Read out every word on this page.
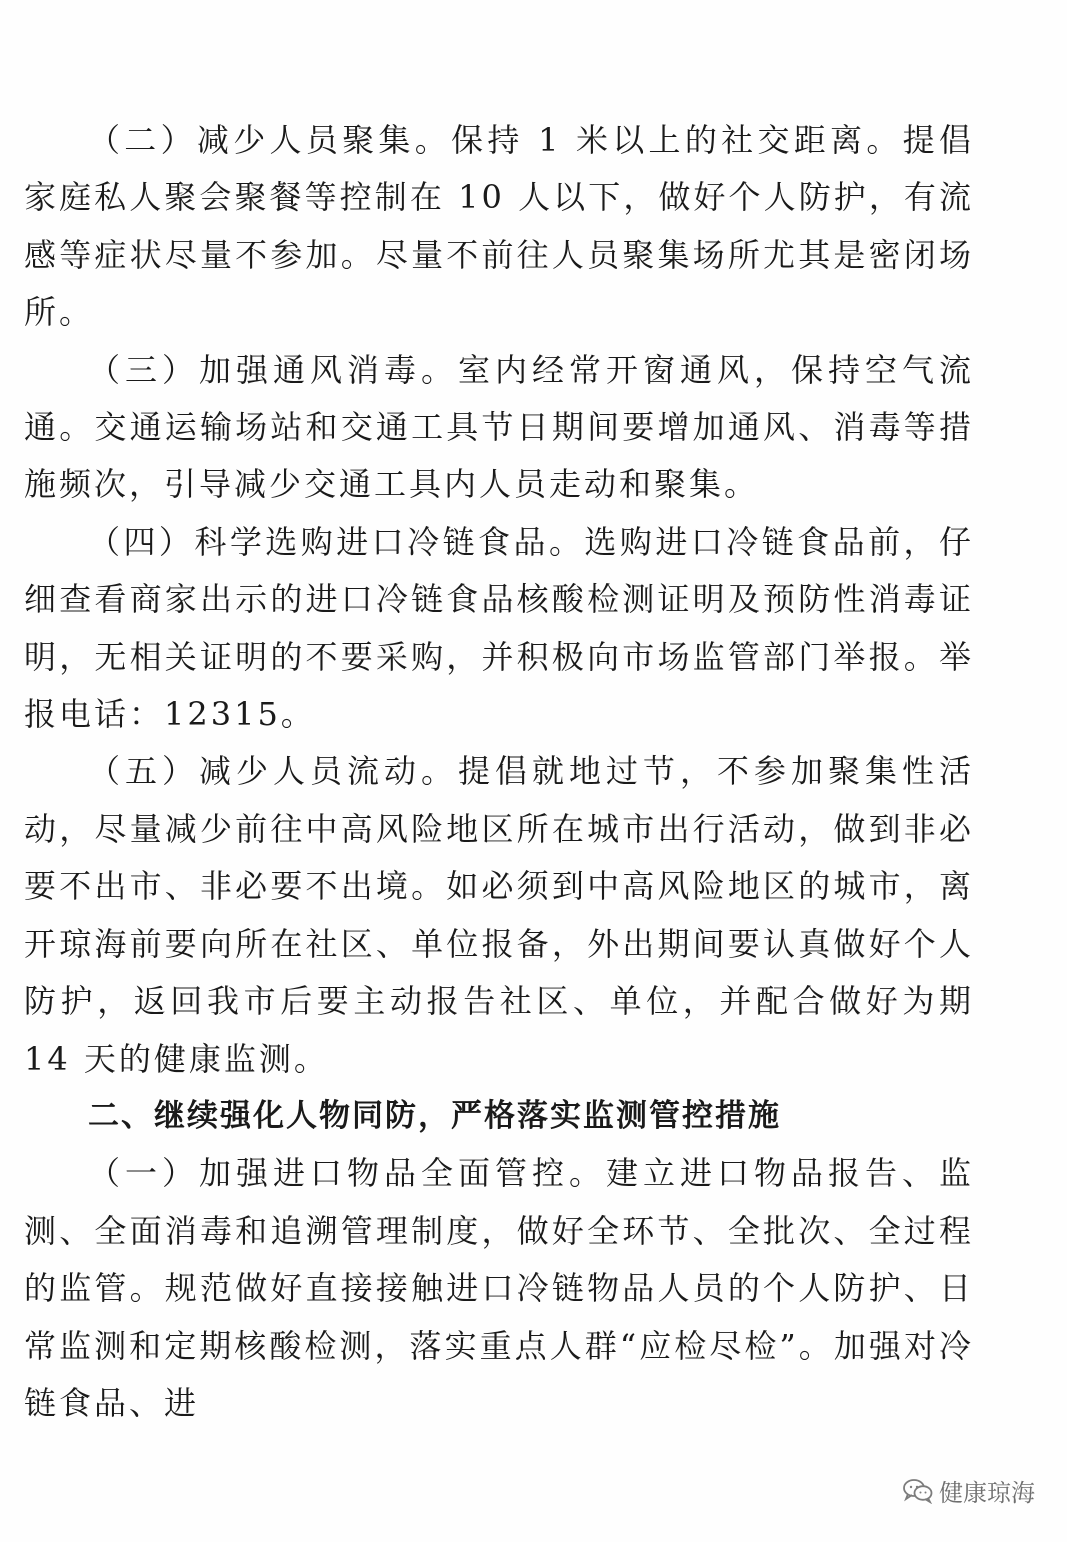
（二）减少人员聚集。保持 1 米以上的社交距离。提倡家庭私人聚会聚餐等控制在 10 人以下，做好个人防护，有流感等症状尽量不参加。尽量不前往人员聚集场所尤其是密闭场所。

（三）加强通风消毒。室内经常开窗通风，保持空气流通。交通运输场站和交通工具节日期间要增加通风、消毒等措施频次，引导减少交通工具内人员走动和聚集。

（四）科学选购进口冷链食品。选购进口冷链食品前，仔细查看商家出示的进口冷链食品核酸检测证明及预防性消毒证明，无相关证明的不要采购，并积极向市场监管部门举报。举报电话：12315。

（五）减少人员流动。提倡就地过节，不参加聚集性活动，尽量减少前往中高风险地区所在城市出行活动，做到非必要不出市、非必要不出境。如必须到中高风险地区的城市，离开琼海前要向所在社区、单位报备，外出期间要认真做好个人防护，返回我市后要主动报告社区、单位，并配合做好为期 14 天的健康监测。

二、继续强化人物同防，严格落实监测管控措施

（一）加强进口物品全面管控。建立进口物品报告、监测、全面消毒和追溯管理制度，做好全环节、全批次、全过程的监管。规范做好直接接触进口冷链物品人员的个人防护、日常监测和定期核酸检测，落实重点人群“应检尽检”。加强对冷链食品、进

健康琼海
